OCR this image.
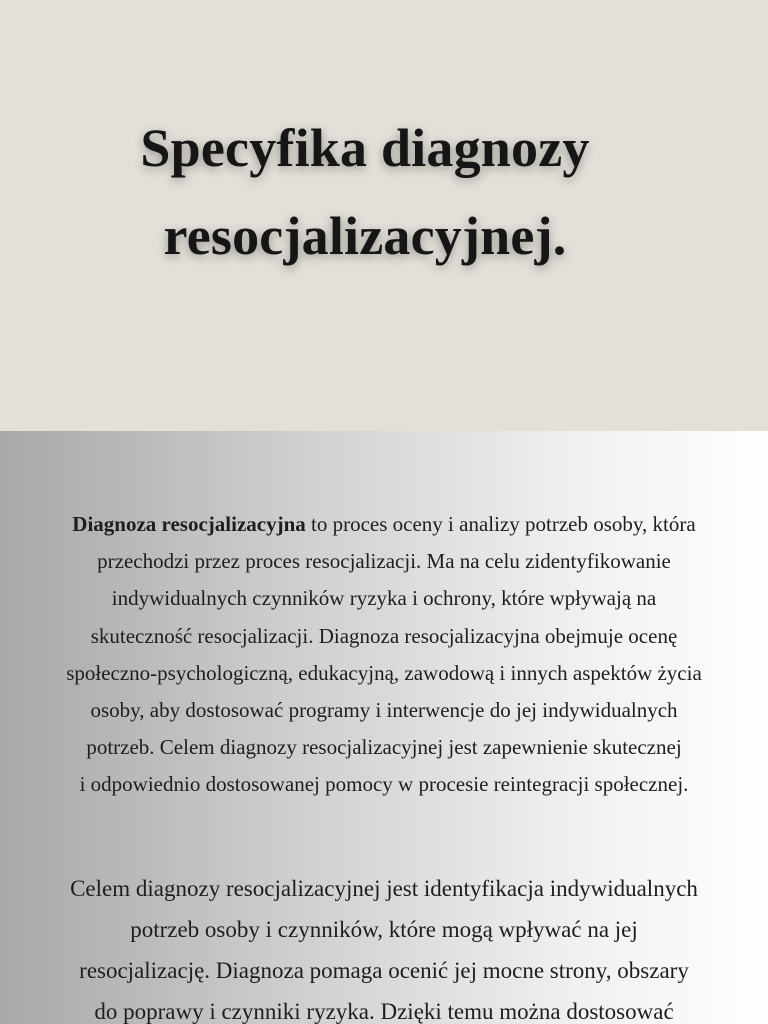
Specyfika diagnozy
resocjalizacyjnej.

Diagnoza resocjalizacyjna to proces oceny i analizy potrzeb osoby, która
przechodzi przez proces resocjalizacji. Ma na celu zidentyfikowanie
indywidualnych czynników ryzyka i ochrony, które wpływają na
skuteczność resocjalizacji. Diagnoza resocjalizacyjna obejmuje ocenę
społeczno-psychologiczną, edukacyjną, zawodową i innych aspektów życia
osoby, aby dostosować programy i interwencje do jej indywidualnych
potrzeb. Celem diagnozy resocjalizacyjnej jest zapewnienie skutecznej
i odpowiednio dostosowanej pomocy w procesie reintegracji społecznej.

Celem diagnozy resocjalizacyjnej jest identyfikacja indywidualnych
potrzeb osoby i czynników, które mogą wpływać na jej
resocjalizację. Diagnoza pomaga ocenić jej mocne strony, obszary
do poprawy i czynniki ryzyka. Dzięki temu można dostosować
